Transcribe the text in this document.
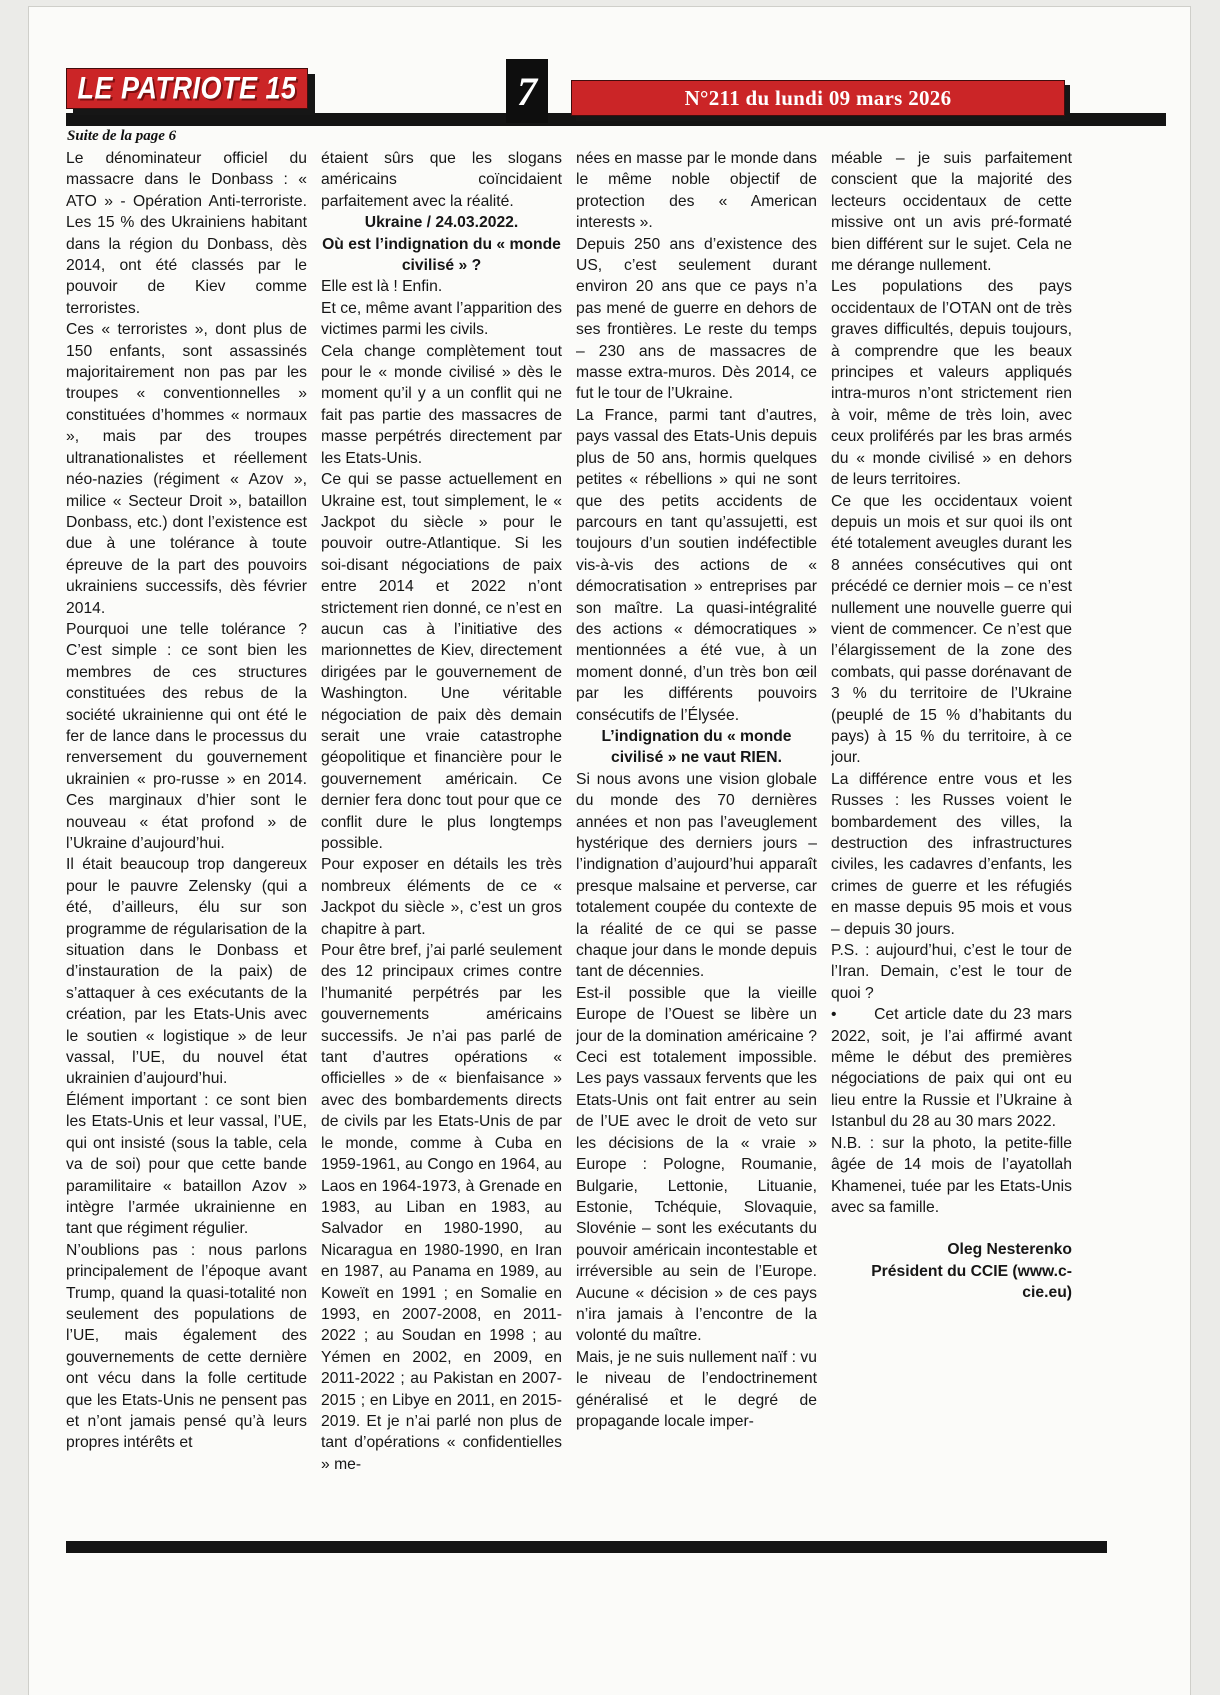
LE PATRIOTE 15	7	N°211 du lundi 09 mars 2026
Suite de la page 6

Le dénominateur officiel du massacre dans le Donbass : « ATO » - Opération Anti-terroriste. Les 15 % des Ukrainiens habitant dans la région du Donbass, dès 2014, ont été classés par le pouvoir de Kiev comme terroristes.

Ces « terroristes », dont plus de 150 enfants, sont assassinés majoritairement non pas par les troupes « conventionnelles » constituées d’hommes « normaux », mais par des troupes ultranationalistes et réellement néo-nazies (régiment « Azov », milice « Secteur Droit », bataillon Donbass, etc.) dont l’existence est due à une tolérance à toute épreuve de la part des pouvoirs ukrainiens successifs, dès février 2014.

Pourquoi une telle tolérance ? C’est simple : ce sont bien les membres de ces structures constituées des rebus de la société ukrainienne qui ont été le fer de lance dans le processus du renversement du gouvernement ukrainien « pro-russe » en 2014. Ces marginaux d’hier sont le nouveau « état profond » de l’Ukraine d’aujourd’hui.

Il était beaucoup trop dangereux pour le pauvre Zelensky (qui a été, d’ailleurs, élu sur son programme de régularisation de la situation dans le Donbass et d’instauration de la paix) de s’attaquer à ces exécutants de la création, par les Etats-Unis avec le soutien « logistique » de leur vassal, l’UE, du nouvel état ukrainien d’aujourd’hui.

Élément important : ce sont bien les Etats-Unis et leur vassal, l’UE, qui ont insisté (sous la table, cela va de soi) pour que cette bande paramilitaire « bataillon Azov » intègre l’armée ukrainienne en tant que régiment régulier.

N’oublions pas : nous parlons principalement de l’époque avant Trump, quand la quasi-totalité non seulement des populations de l’UE, mais également des gouvernements de cette dernière ont vécu dans la folle certitude que les Etats-Unis ne pensent pas et n’ont jamais pensé qu’à leurs propres intérêts et

étaient sûrs que les slogans américains coïncidaient parfaitement avec la réalité.

Ukraine / 24.03.2022.

Où est l’indignation du « monde civilisé » ?

Elle est là ! Enfin.

Et ce, même avant l’apparition des victimes parmi les civils.

Cela change complètement tout pour le « monde civilisé » dès le moment qu’il y a un conflit qui ne fait pas partie des massacres de masse perpétrés directement par les Etats-Unis.

Ce qui se passe actuellement en Ukraine est, tout simplement, le « Jackpot du siècle » pour le pouvoir outre-Atlantique. Si les soi-disant négociations de paix entre 2014 et 2022 n’ont strictement rien donné, ce n’est en aucun cas à l’initiative des marionnettes de Kiev, directement dirigées par le gouvernement de Washington. Une véritable négociation de paix dès demain serait une vraie catastrophe géopolitique et financière pour le gouvernement américain. Ce dernier fera donc tout pour que ce conflit dure le plus longtemps possible.

Pour exposer en détails les très nombreux éléments de ce « Jackpot du siècle », c’est un gros chapitre à part.

Pour être bref, j’ai parlé seulement des 12 principaux crimes contre l’humanité perpétrés par les gouvernements américains successifs. Je n’ai pas parlé de tant d’autres opérations « officielles » de « bienfaisance » avec des bombardements directs de civils par les Etats-Unis de par le monde, comme à Cuba en 1959-1961, au Congo en 1964, au Laos en 1964-1973, à Grenade en 1983, au Liban en 1983, au Salvador en 1980-1990, au Nicaragua en 1980-1990, en Iran en 1987, au Panama en 1989, au Koweït en 1991 ; en Somalie en 1993, en 2007-2008, en 2011-2022 ; au Soudan en 1998 ; au Yémen en 2002, en 2009, en 2011-2022 ; au Pakistan en 2007-2015 ; en Libye en 2011, en 2015-2019. Et je n’ai parlé non plus de tant d’opérations « confidentielles » me-

nées en masse par le monde dans le même noble objectif de protection des « American interests ».

Depuis 250 ans d’existence des US, c’est seulement durant environ 20 ans que ce pays n’a pas mené de guerre en dehors de ses frontières. Le reste du temps – 230 ans de massacres de masse extra-muros. Dès 2014, ce fut le tour de l’Ukraine.

La France, parmi tant d’autres, pays vassal des Etats-Unis depuis plus de 50 ans, hormis quelques petites « rébellions » qui ne sont que des petits accidents de parcours en tant qu’assujetti, est toujours d’un soutien indéfectible vis-à-vis des actions de « démocratisation » entreprises par son maître. La quasi-intégralité des actions « démocratiques » mentionnées a été vue, à un moment donné, d’un très bon œil par les différents pouvoirs consécutifs de l’Élysée.

L’indignation du « monde civilisé » ne vaut RIEN.

Si nous avons une vision globale du monde des 70 dernières années et non pas l’aveuglement hystérique des derniers jours – l’indignation d’aujourd’hui apparaît presque malsaine et perverse, car totalement coupée du contexte de la réalité de ce qui se passe chaque jour dans le monde depuis tant de décennies.

Est-il possible que la vieille Europe de l’Ouest se libère un jour de la domination américaine ? Ceci est totalement impossible. Les pays vassaux fervents que les Etats-Unis ont fait entrer au sein de l’UE avec le droit de veto sur les décisions de la « vraie » Europe : Pologne, Roumanie, Bulgarie, Lettonie, Lituanie, Estonie, Tchéquie, Slovaquie, Slovénie – sont les exécutants du pouvoir américain incontestable et irréversible au sein de l’Europe. Aucune « décision » de ces pays n’ira jamais à l’encontre de la volonté du maître.

Mais, je ne suis nullement naïf : vu le niveau de l’endoctrinement généralisé et le degré de propagande locale imper-

méable – je suis parfaitement conscient que la majorité des lecteurs occidentaux de cette missive ont un avis pré-formaté bien différent sur le sujet. Cela ne me dérange nullement.

Les populations des pays occidentaux de l’OTAN ont de très graves difficultés, depuis toujours, à comprendre que les beaux principes et valeurs appliqués intra-muros n’ont strictement rien à voir, même de très loin, avec ceux proliférés par les bras armés du « monde civilisé » en dehors de leurs territoires.

Ce que les occidentaux voient depuis un mois et sur quoi ils ont été totalement aveugles durant les 8 années consécutives qui ont précédé ce dernier mois – ce n’est nullement une nouvelle guerre qui vient de commencer. Ce n’est que l’élargissement de la zone des combats, qui passe dorénavant de 3 % du territoire de l’Ukraine (peuplé de 15 % d’habitants du pays) à 15 % du territoire, à ce jour.

La différence entre vous et les Russes : les Russes voient le bombardement des villes, la destruction des infrastructures civiles, les cadavres d’enfants, les crimes de guerre et les réfugiés en masse depuis 95 mois et vous – depuis 30 jours.

P.S. : aujourd’hui, c’est le tour de l’Iran. Demain, c’est le tour de quoi ?

•      Cet article date du 23 mars 2022, soit, je l’ai affirmé avant même le début des premières négociations de paix qui ont eu lieu entre la Russie et l’Ukraine à Istanbul du 28 au 30 mars 2022.

N.B. : sur la photo, la petite-fille âgée de 14 mois de l’ayatollah Khamenei, tuée par les Etats-Unis avec sa famille.

Oleg Nesterenko

Président du CCIE (www.c-cie.eu)
